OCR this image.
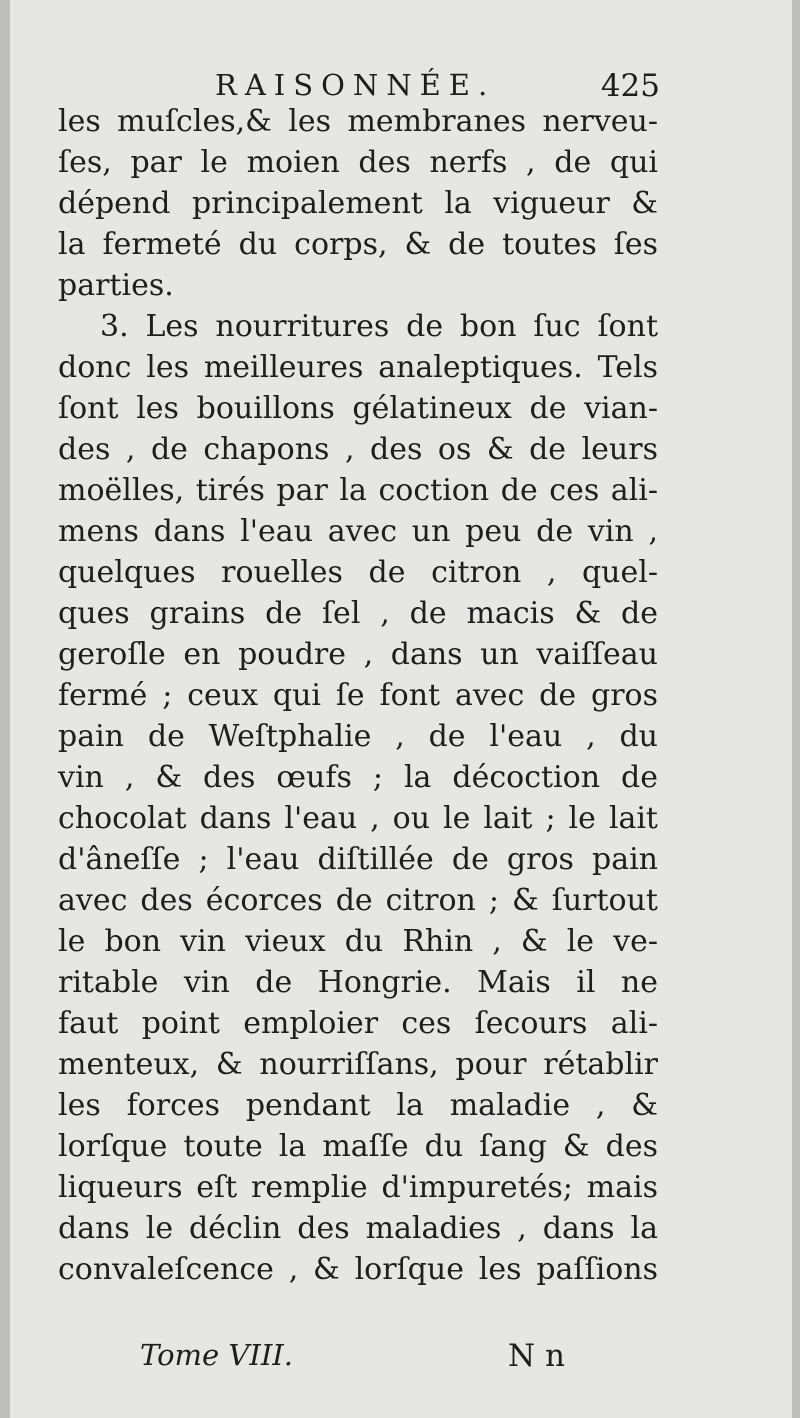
RAISONNÉE.	425
les muſcles,& les membranes nerveu-
ſes, par le moien des nerfs , de qui
dépend principalement la vigueur &
la fermeté du corps, & de toutes ſes
parties.
3. Les nourritures de bon ſuc ſont
donc les meilleures analeptiques. Tels
ſont les bouillons gélatineux de vian-
des , de chapons , des os & de leurs
moëlles, tirés par la coction de ces ali-
mens dans l'eau avec un peu de vin ,
quelques rouelles de citron , quel-
ques grains de ſel , de macis & de
geroſle en poudre , dans un vaiſſeau
fermé ; ceux qui ſe font avec de gros
pain de Weſtphalie , de l'eau , du
vin , & des œufs ; la décoction de
chocolat dans l'eau , ou le lait ; le lait
d'âneſſe ; l'eau diſtillée de gros pain
avec des écorces de citron ; & ſurtout
le bon vin vieux du Rhin , & le ve-
ritable vin de Hongrie. Mais il ne
faut point emploier ces ſecours ali-
menteux, & nourriſſans, pour rétablir
les forces pendant la maladie , &
lorſque toute la maſſe du ſang & des
liqueurs eſt remplie d'impuretés; mais
dans le déclin des maladies , dans la
convaleſcence , & lorſque les paſſions
Tome VIII.	N n
